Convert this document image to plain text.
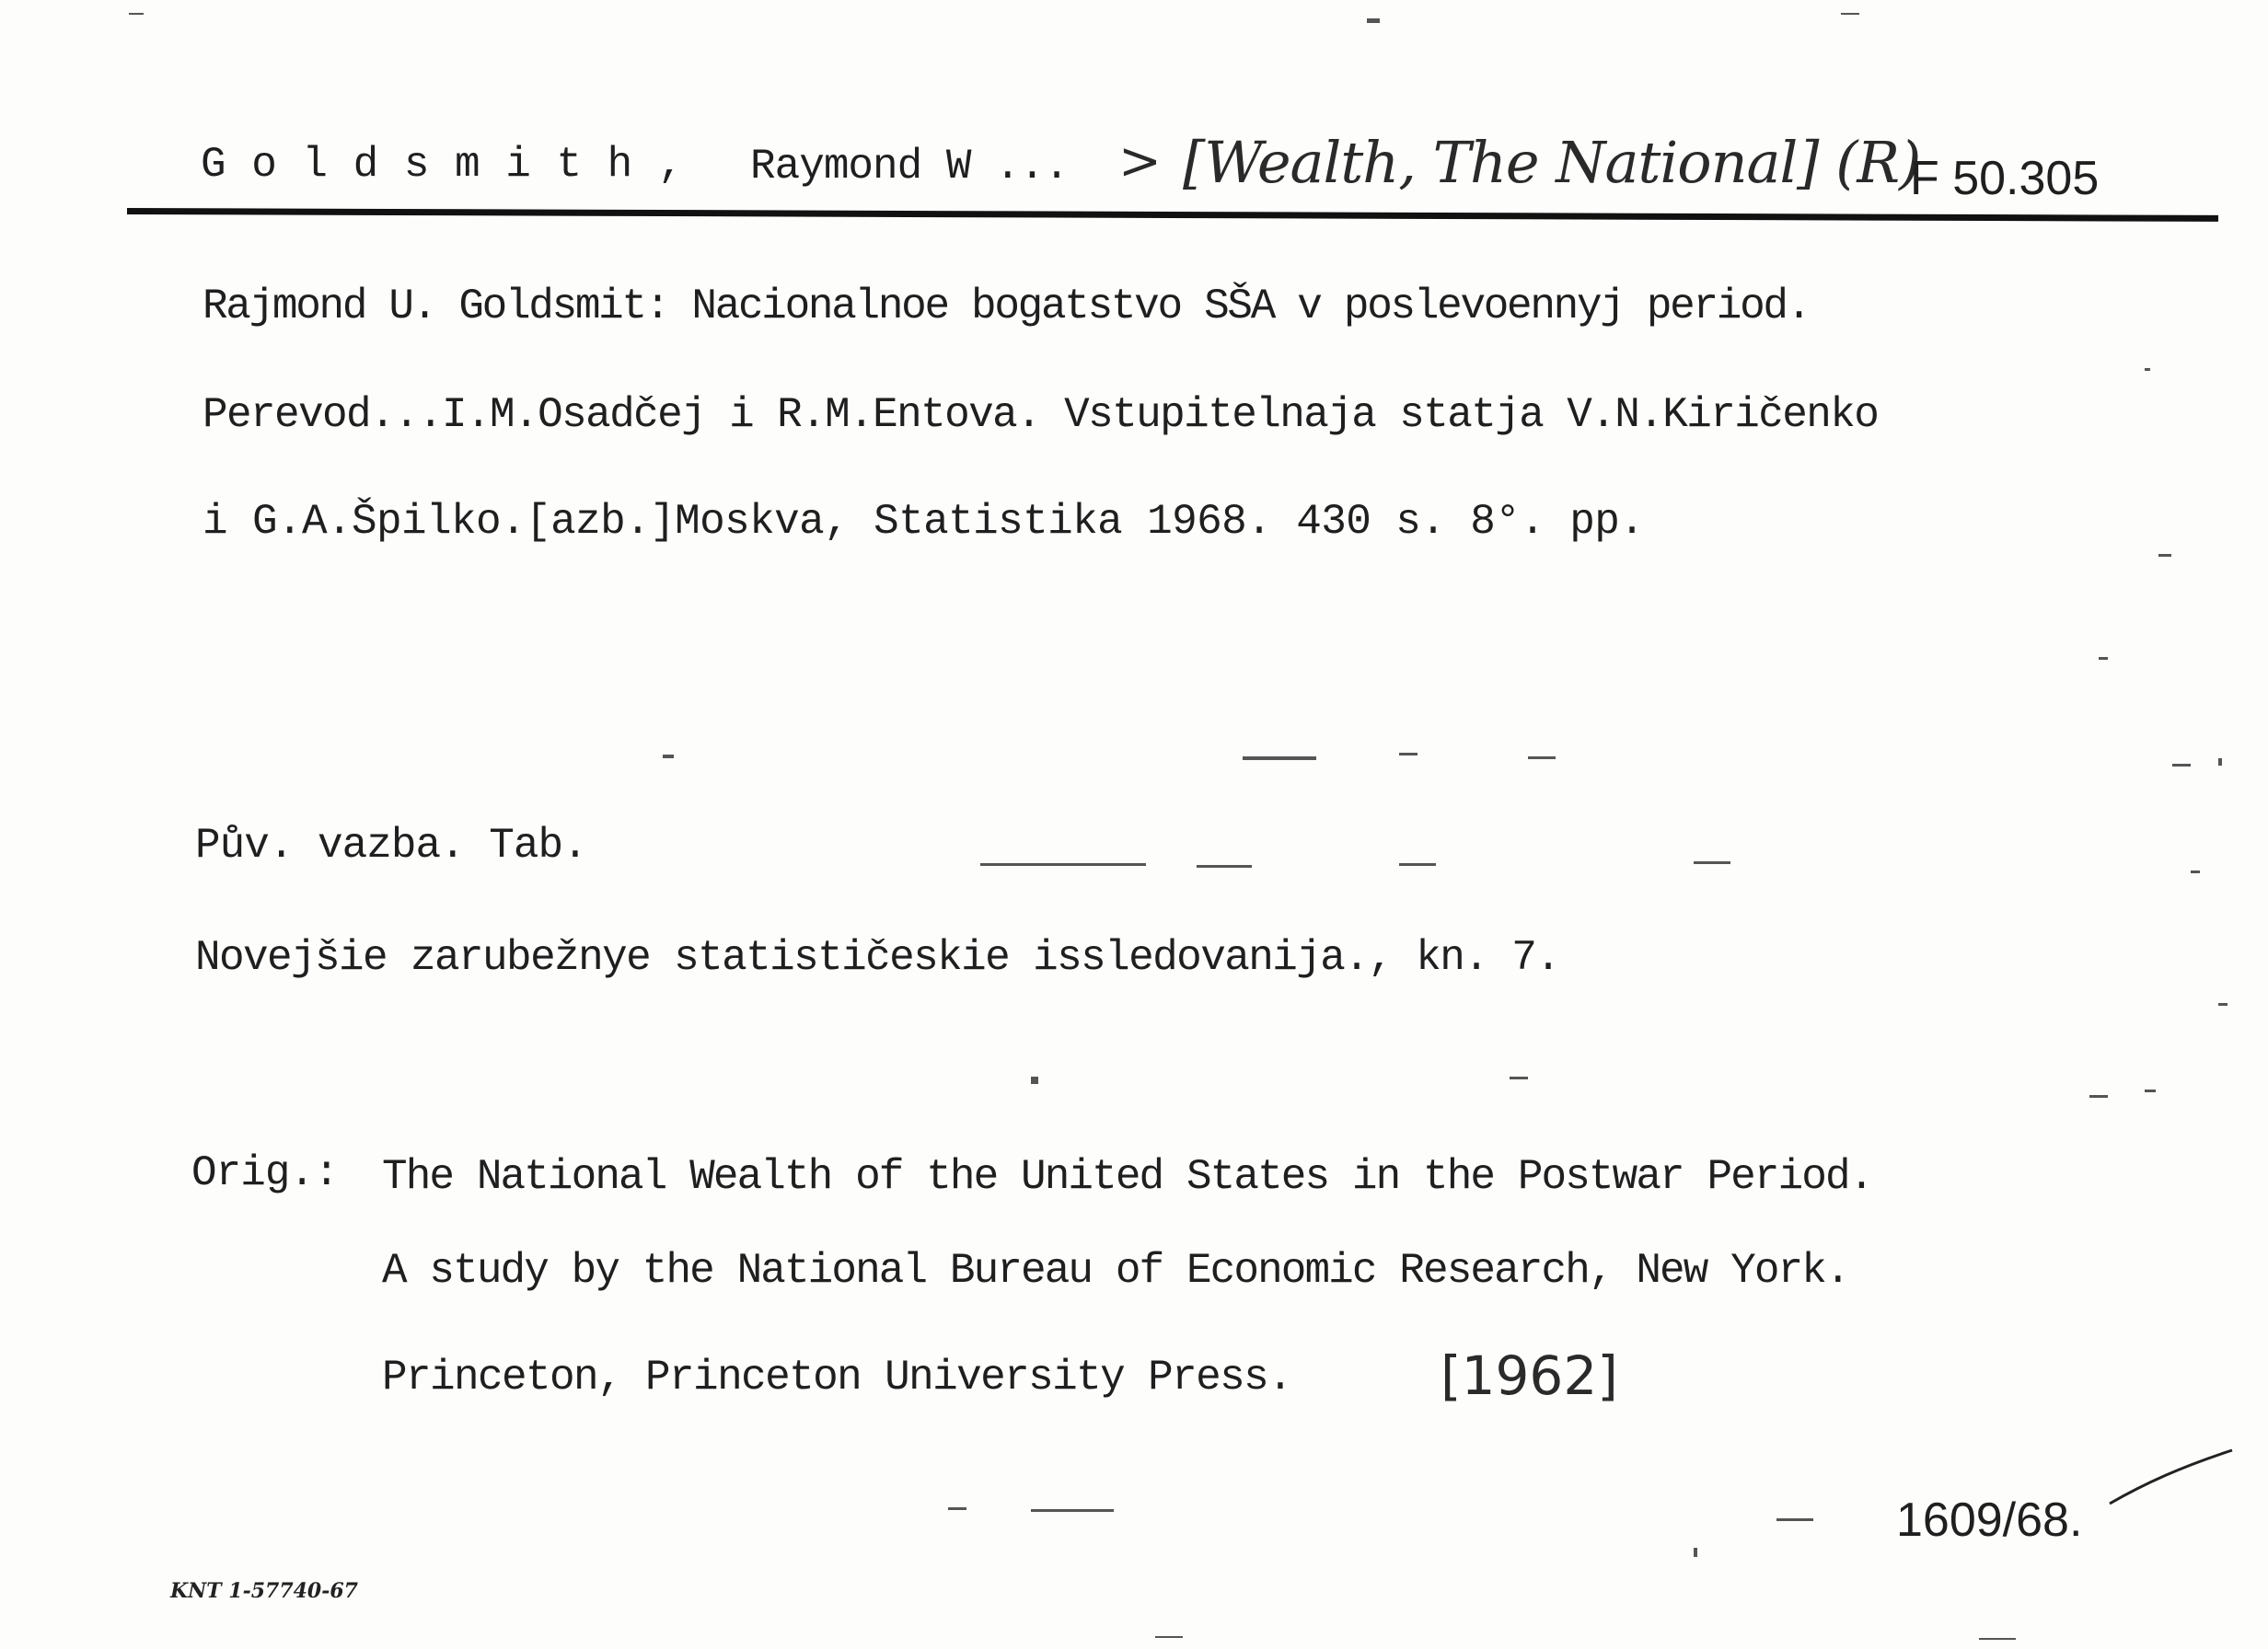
G o l d s m i t h , Raymond W ... > [Wealth, The National] (R)
F 50.305
Rajmond U. Goldsmit: Nacionalnoe bogatstvo SŠA v poslevoennyj period.
Perevod...I.M.Osadčej i R.M.Entova. Vstupitelnaja statja V.N.Kiričenko
i G.A.Špilko.[azb.]Moskva, Statistika 1968. 430 s. 8°. pp.
Pův. vazba. Tab.
Novejšie zarubežnye statističeskie issledovanija., kn. 7.
Orig.: The National Wealth of the United States in the Postwar Period.
A study by the National Bureau of Economic Research, New York.
Princeton, Princeton University Press.	[1962]
1609/68.
KNT 1-57740-67
